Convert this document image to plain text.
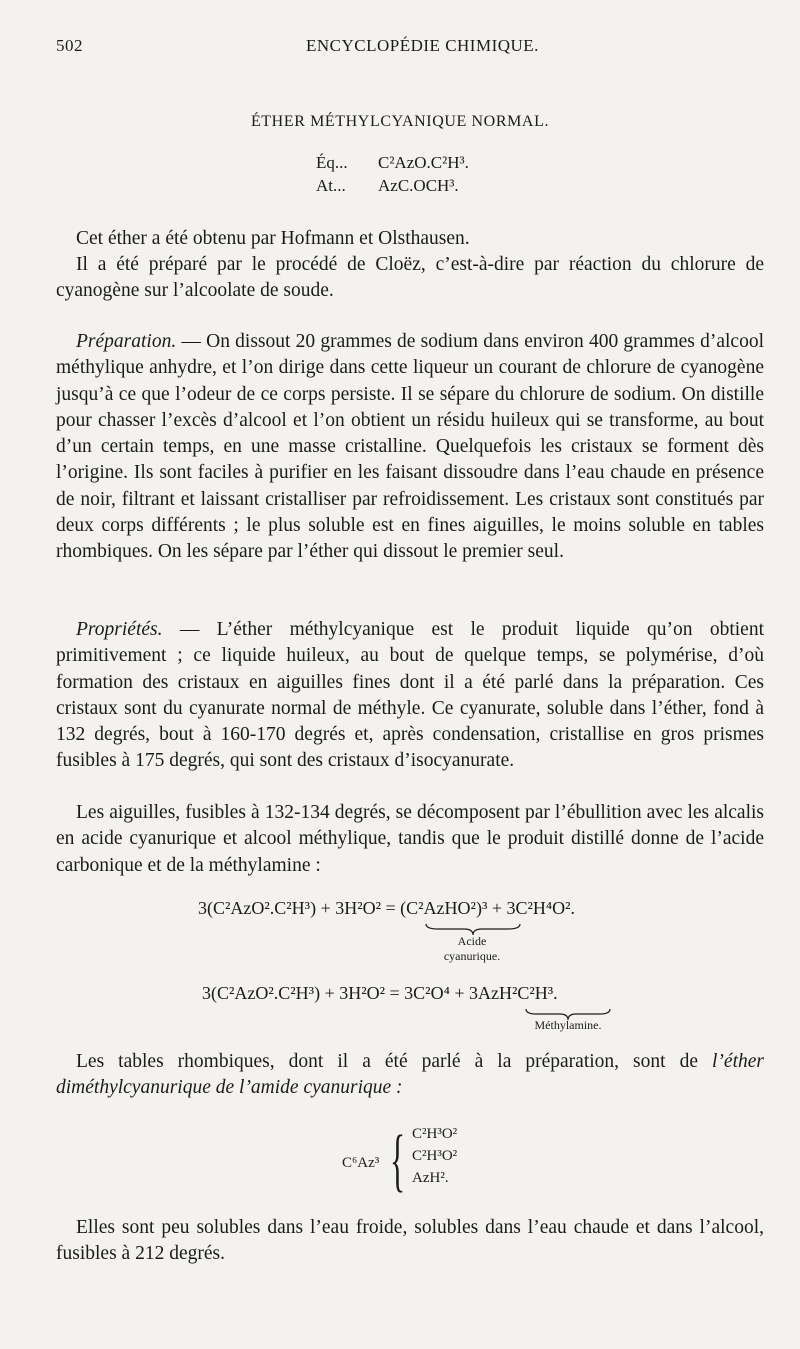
502	ENCYCLOPÉDIE CHIMIQUE.
ÉTHER MÉTHYLCYANIQUE NORMAL.
Éq... C²AzO.C²H³.
At... AzC.OCH³.
Cet éther a été obtenu par Hofmann et Olsthausen.
Il a été préparé par le procédé de Cloëz, c’est-à-dire par réaction du chlorure de cyanogène sur l’alcoolate de soude.
Préparation. — On dissout 20 grammes de sodium dans environ 400 grammes d’alcool méthylique anhydre, et l’on dirige dans cette liqueur un courant de chlorure de cyanogène jusqu’à ce que l’odeur de ce corps persiste. Il se sépare du chlorure de sodium. On distille pour chasser l’excès d’alcool et l’on obtient un résidu huileux qui se transforme, au bout d’un certain temps, en une masse cristalline. Quelquefois les cristaux se forment dès l’origine. Ils sont faciles à purifier en les faisant dissoudre dans l’eau chaude en présence de noir, filtrant et laissant cristalliser par refroidissement. Les cristaux sont constitués par deux corps différents ; le plus soluble est en fines aiguilles, le moins soluble en tables rhombiques. On les sépare par l’éther qui dissout le premier seul.
Propriétés. — L’éther méthylcyanique est le produit liquide qu’on obtient primitivement ; ce liquide huileux, au bout de quelque temps, se polymérise, d’où formation des cristaux en aiguilles fines dont il a été parlé dans la préparation. Ces cristaux sont du cyanurate normal de méthyle. Ce cyanurate, soluble dans l’éther, fond à 132 degrés, bout à 160-170 degrés et, après condensation, cristallise en gros prismes fusibles à 175 degrés, qui sont des cristaux d’isocyanurate.
Les aiguilles, fusibles à 132-134 degrés, se décomposent par l’ébullition avec les alcalis en acide cyanurique et alcool méthylique, tandis que le produit distillé donne de l’acide carbonique et de la méthylamine :
3(C²AzO².C²H³) + 3H²O² = (C²AzHO²)³ + 3C²H⁴O².
Acide
cyanurique.
3(C²AzO².C²H³) + 3H²O² = 3C²O⁴ + 3AzH²C²H³.
Méthylamine.
Les tables rhombiques, dont il a été parlé à la préparation, sont de l’éther diméthylcyanurique de l’amide cyanurique :
C⁶Az³ { C²H³O²
C²H³O²
AzH².
Elles sont peu solubles dans l’eau froide, solubles dans l’eau chaude et dans l’alcool, fusibles à 212 degrés.
